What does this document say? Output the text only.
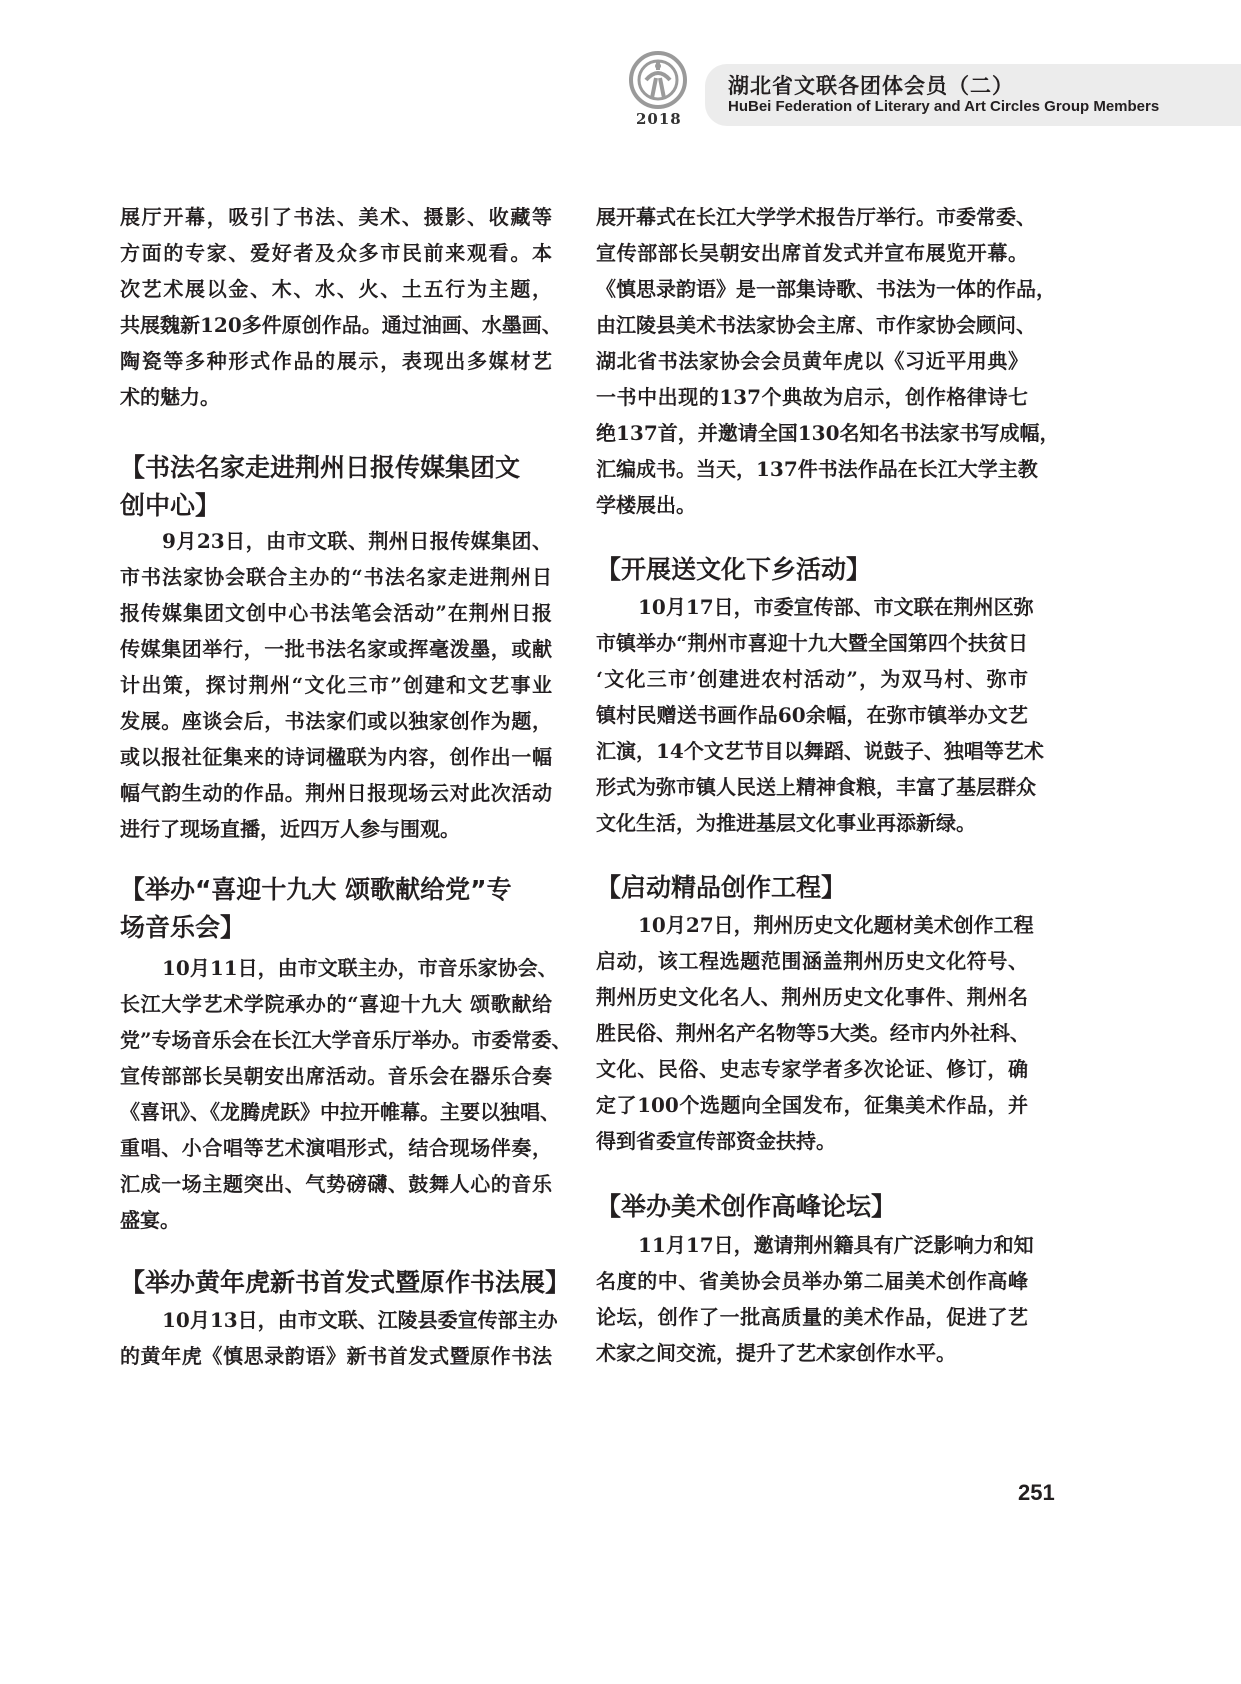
2018
湖北省文联各团体会员（二）
HuBei Federation of Literary and Art Circles Group Members
展厅开幕，吸引了书法、美术、摄影、收藏等
方面的专家、爱好者及众多市民前来观看。本
次艺术展以金、木、水、火、土五行为主题，
共展魏新120多件原创作品。通过油画、水墨画、
陶瓷等多种形式作品的展示，表现出多媒材艺
术的魅力。
【书法名家走进荆州日报传媒集团文
创中心】
9月23日，由市文联、荆州日报传媒集团、
市书法家协会联合主办的“书法名家走进荆州日
报传媒集团文创中心书法笔会活动”在荆州日报
传媒集团举行，一批书法名家或挥毫泼墨，或献
计出策，探讨荆州“文化三市”创建和文艺事业
发展。座谈会后，书法家们或以独家创作为题，
或以报社征集来的诗词楹联为内容，创作出一幅
幅气韵生动的作品。荆州日报现场云对此次活动
进行了现场直播，近四万人参与围观。
【举办“喜迎十九大 颂歌献给党”专
场音乐会】
10月11日，由市文联主办，市音乐家协会、
长江大学艺术学院承办的“喜迎十九大 颂歌献给
党”专场音乐会在长江大学音乐厅举办。市委常委、
宣传部部长吴朝安出席活动。音乐会在器乐合奏
《喜讯》、《龙腾虎跃》中拉开帷幕。主要以独唱、
重唱、小合唱等艺术演唱形式，结合现场伴奏，
汇成一场主题突出、气势磅礴、鼓舞人心的音乐
盛宴。
【举办黄年虎新书首发式暨原作书法展】
10月13日，由市文联、江陵县委宣传部主办
的黄年虎《慎思录韵语》新书首发式暨原作书法
展开幕式在长江大学学术报告厅举行。市委常委、
宣传部部长吴朝安出席首发式并宣布展览开幕。
《慎思录韵语》是一部集诗歌、书法为一体的作品，
由江陵县美术书法家协会主席、市作家协会顾问、
湖北省书法家协会会员黄年虎以《习近平用典》
一书中出现的137个典故为启示，创作格律诗七
绝137首，并邀请全国130名知名书法家书写成幅，
汇编成书。当天，137件书法作品在长江大学主教
学楼展出。
【开展送文化下乡活动】
10月17日，市委宣传部、市文联在荆州区弥
市镇举办“荆州市喜迎十九大暨全国第四个扶贫日
‘文化三市’创建进农村活动”，为双马村、弥市
镇村民赠送书画作品60余幅，在弥市镇举办文艺
汇演，14个文艺节目以舞蹈、说鼓子、独唱等艺术
形式为弥市镇人民送上精神食粮，丰富了基层群众
文化生活，为推进基层文化事业再添新绿。
【启动精品创作工程】
10月27日，荆州历史文化题材美术创作工程
启动，该工程选题范围涵盖荆州历史文化符号、
荆州历史文化名人、荆州历史文化事件、荆州名
胜民俗、荆州名产名物等5大类。经市内外社科、
文化、民俗、史志专家学者多次论证、修订，确
定了100个选题向全国发布，征集美术作品，并
得到省委宣传部资金扶持。
【举办美术创作高峰论坛】
11月17日，邀请荆州籍具有广泛影响力和知
名度的中、省美协会员举办第二届美术创作高峰
论坛，创作了一批高质量的美术作品，促进了艺
术家之间交流，提升了艺术家创作水平。
251
